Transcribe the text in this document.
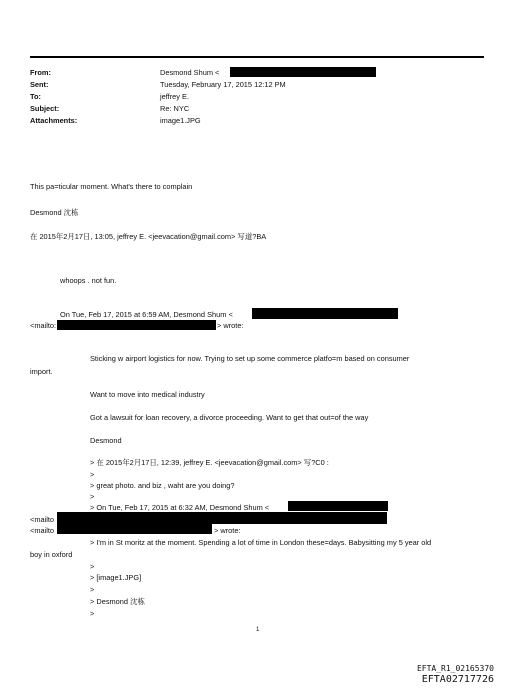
From:	Desmond Shum <
Sent:	Tuesday, February 17, 2015 12:12 PM
To:	jeffrey E.
Subject:	Re: NYC
Attachments:	image1.JPG
This pa=ticular moment. What's there to complain
Desmond 沈栋
在 2015年2月17日, 13:05, jeffrey E. <jeevacation@gmail.com> 写道?BA
whoops . not fun.
On Tue, Feb 17, 2015 at 6:59 AM, Desmond Shum <
<mailto:	> wrote:
Sticking w airport logistics for now. Trying to set up some commerce platfo=m based on consumer
import.
Want to move into medical industry
Got a lawsuit for loan recovery, a divorce proceeding. Want to get that out=of the way
Desmond
> 在 2015年2月17日, 12:39, jeffrey E. <jeevacation@gmail.com> 写?C0 :
>
> great photo. and biz , waht are you doing?
>
> On Tue, Feb 17, 2015 at 6:32 AM, Desmond Shum <
<mailto
<mailto	> wrote:
> I'm in St moritz at the moment. Spending a lot of time in London these=days. Babysitting my 5 year old
boy in oxford
>
> [image1.JPG]
>
> Desmond 沈栋
>
1
EFTA_R1_02165370
EFTA02717726
